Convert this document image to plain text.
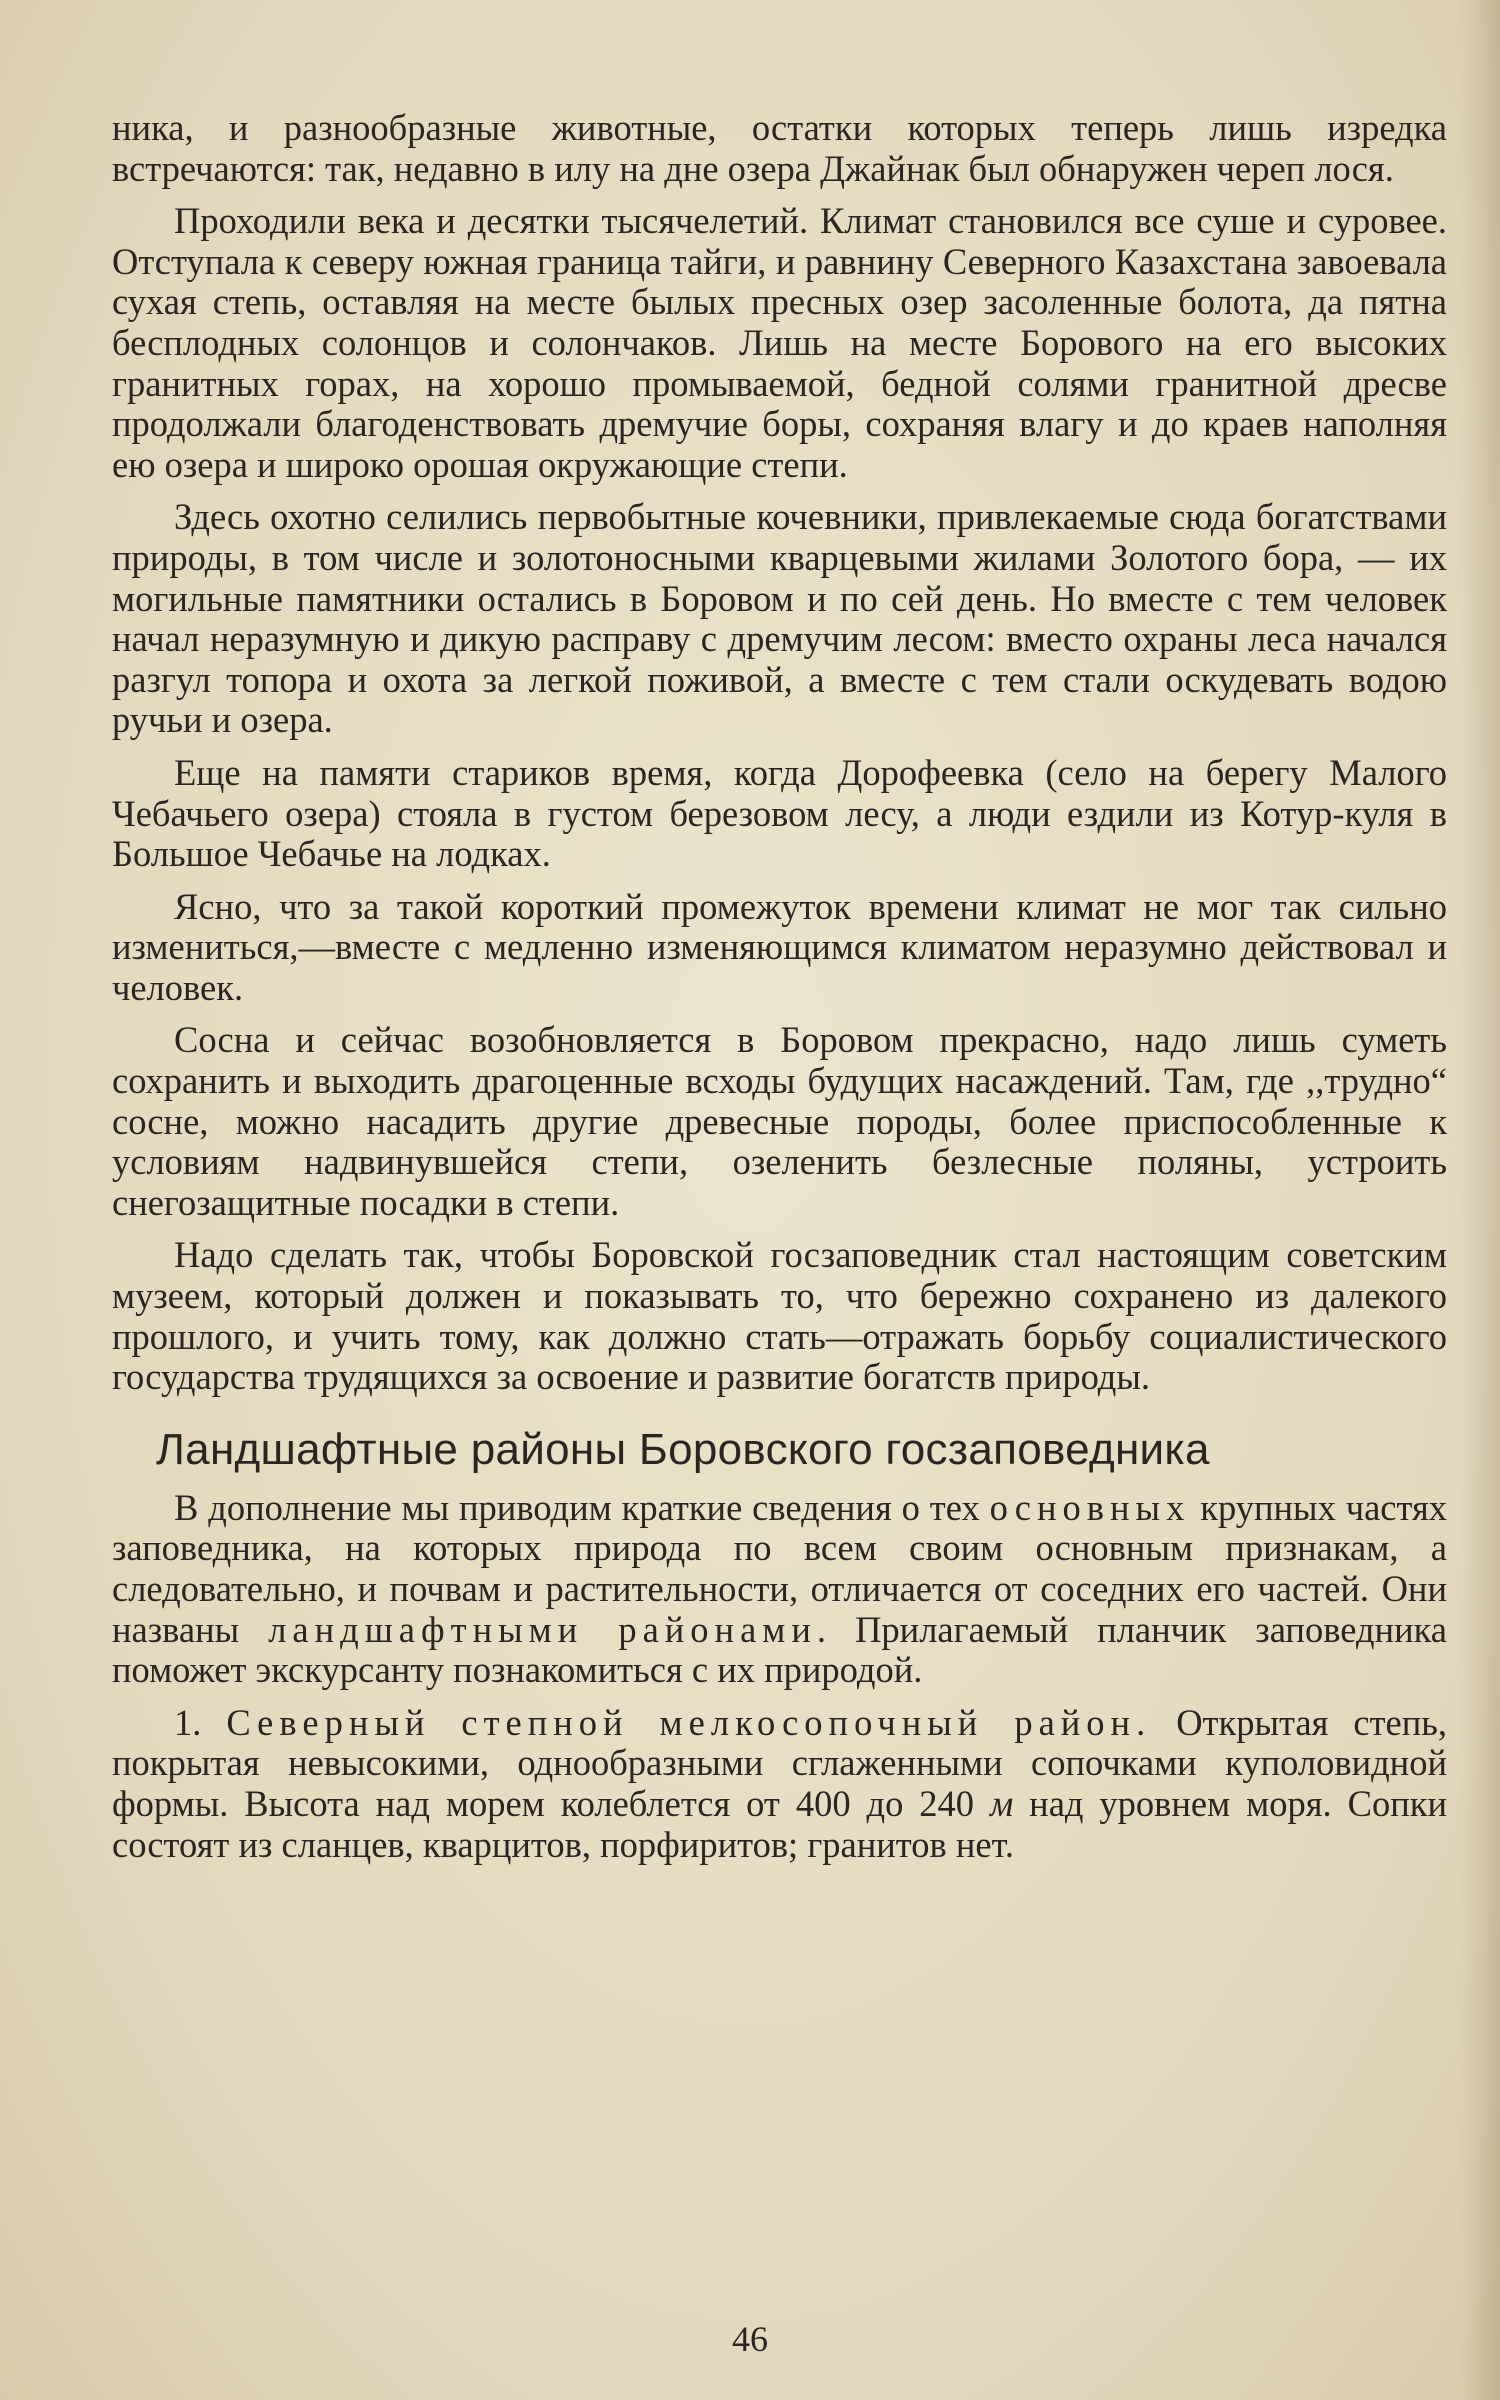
ника, и разнообразные животные, остатки которых теперь лишь изредка встречаются: так, недавно в илу на дне озера Джайнак был обнаружен череп лося.

Проходили века и десятки тысячелетий. Климат становился все суше и суровее. Отступала к северу южная граница тайги, и равнину Северного Казахстана завоевала сухая степь, оставляя на месте былых пресных озер засоленные болота, да пятна бесплодных солонцов и солончаков. Лишь на месте Борового на его высоких гранитных горах, на хорошо промываемой, бедной солями гранитной дресве продолжали благоденствовать дремучие боры, сохраняя влагу и до краев наполняя ею озера и широко орошая окружающие степи.

Здесь охотно селились первобытные кочевники, привлекаемые сюда богатствами природы, в том числе и золотоносными кварцевыми жилами Золотого бора, — их могильные памятники остались в Боровом и по сей день. Но вместе с тем человек начал неразумную и дикую расправу с дремучим лесом: вместо охраны леса начался разгул топора и охота за легкой поживой, а вместе с тем стали оскудевать водою ручьи и озера.

Еще на памяти стариков время, когда Дорофеевка (село на берегу Малого Чебачьего озера) стояла в густом березовом лесу, а люди ездили из Котур-куля в Большое Чебачье на лодках.

Ясно, что за такой короткий промежуток времени климат не мог так сильно измениться,—вместе с медленно изменяющимся климатом неразумно действовал и человек.

Сосна и сейчас возобновляется в Боровом прекрасно, надо лишь суметь сохранить и выходить драгоценные всходы будущих насаждений. Там, где ,,трудно“ сосне, можно насадить другие древесные породы, более приспособленные к условиям надвинувшейся степи, озеленить безлесные поляны, устроить снегозащитные посадки в степи.

Надо сделать так, чтобы Боровской госзаповедник стал настоящим советским музеем, который должен и показывать то, что бережно сохранено из далекого прошлого, и учить тому, как должно стать—отражать борьбу социалистического государства трудящихся за освоение и развитие богатств природы.

Ландшафтные районы Боровского госзаповедника

В дополнение мы приводим краткие сведения о тех основных крупных частях заповедника, на которых природа по всем своим основным признакам, а следовательно, и почвам и растительности, отличается от соседних его частей. Они названы ландшафтными районами. Прилагаемый планчик заповедника поможет экскурсанту познакомиться с их природой.

1. Северный степной мелкосопочный район. Открытая степь, покрытая невысокими, однообразными сглаженными сопочками куполовидной формы. Высота над морем колеблется от 400 до 240 м над уровнем моря. Сопки состоят из сланцев, кварцитов, порфиритов; гранитов нет.

46
